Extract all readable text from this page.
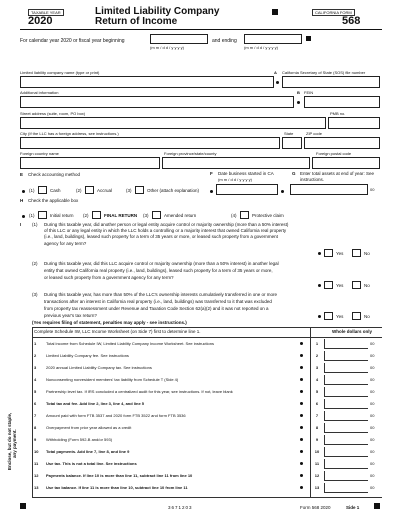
TAXABLE YEAR
2020
Limited Liability Company
Return of Income
CALIFORNIA FORM
568
For calendar year 2020 or fiscal year beginning
(m m / d d / y y y y)
and ending
(m m / d d / y y y y)
Limited liability company name (type or print)	A California Secretary of State (SOS) file number
Additional information	B FEIN
Street address (suite, room, PO box)	PMB no.
City (If the LLC has a foreign address, see instructions.)	State	ZIP code
Foreign country name	Foreign province/state/county	Foreign postal code
E Check accounting method	F Date business started in CA
(m m / d d / y y y y)
G Enter total assets at end of year: See instructions.
(1)	Cash	(2)	Accrual	(3)	Other (attach explanation)	00
H Check the applicable box
(1)	Initial return (2)	FINAL RETURN (3)	Amended return	(4)	Protective claim
I (1) During this taxable year, did another person or legal entity acquire control or majority ownership (more than a 50% interest)
of this LLC or any legal entity in which the LLC holds a controlling or a majority interest that owned California real property
(i.e., land, buildings), leased such property for a term of 35 years or more, or leased such property from a government
agency for any term?
Yes	No
(2) During this taxable year, did this LLC acquire control or majority ownership (more than a 50% interest) in another legal
entity that owned California real property (i.e., land, buildings), leased such property for a term of 35 years or more,
or leased such property from a government agency for any term?
Yes	No
(3) During this taxable year, has more than 50% of the LLC's ownership interests cumulatively transferred in one or more
transactions after an interest in California real property (i.e., land, buildings) was transferred to it that was excluded
from property tax reassessment under Revenue and Taxation Code Section 62(a)(2) and it was not reported on a
previous year's tax return?	Yes	No
(Yes requires filing of statement, penalties may apply - see instructions.)
Complete Schedule IW, LLC Income Worksheet (on Side 7) first to determine line 1.	Whole dollars only
Enclose, but do not staple, any payment.
1 Total income from Schedule IW, Limited Liability Company Income Worksheet. See instructions	1	00
2 Limited Liability Company fee. See instructions	2	00
3 2020 annual Limited Liability Company tax. See instructions	3	00
4 Nonconsenting nonresident members' tax liability from Schedule T (Side 4)	4	00
5 Partnership level tax. If IRS concluded a centralized audit for this year, see instructions. If not, leave blank	5	00
6 Total tax and fee. Add line 2, line 3, line 4, and line 5	6	00
7 Amount paid with form FTB 3537 and 2020 form FTB 3522 and form FTB 3536	7	00
8 Overpayment from prior year allowed as a credit	8	00
9 Withholding (Form 592-B and/or 593)	9	00
10 Total payments. Add line 7, line 8, and line 9	10	00
11 Use tax. This is not a total line. See instructions	11	00
12 Payments balance. If line 10 is more than line 11, subtract line 11 from line 10	12	00
13 Use tax balance. If line 11 is more than line 10, subtract line 10 from line 11	13	00
3671203	Form 568 2020	Side 1
